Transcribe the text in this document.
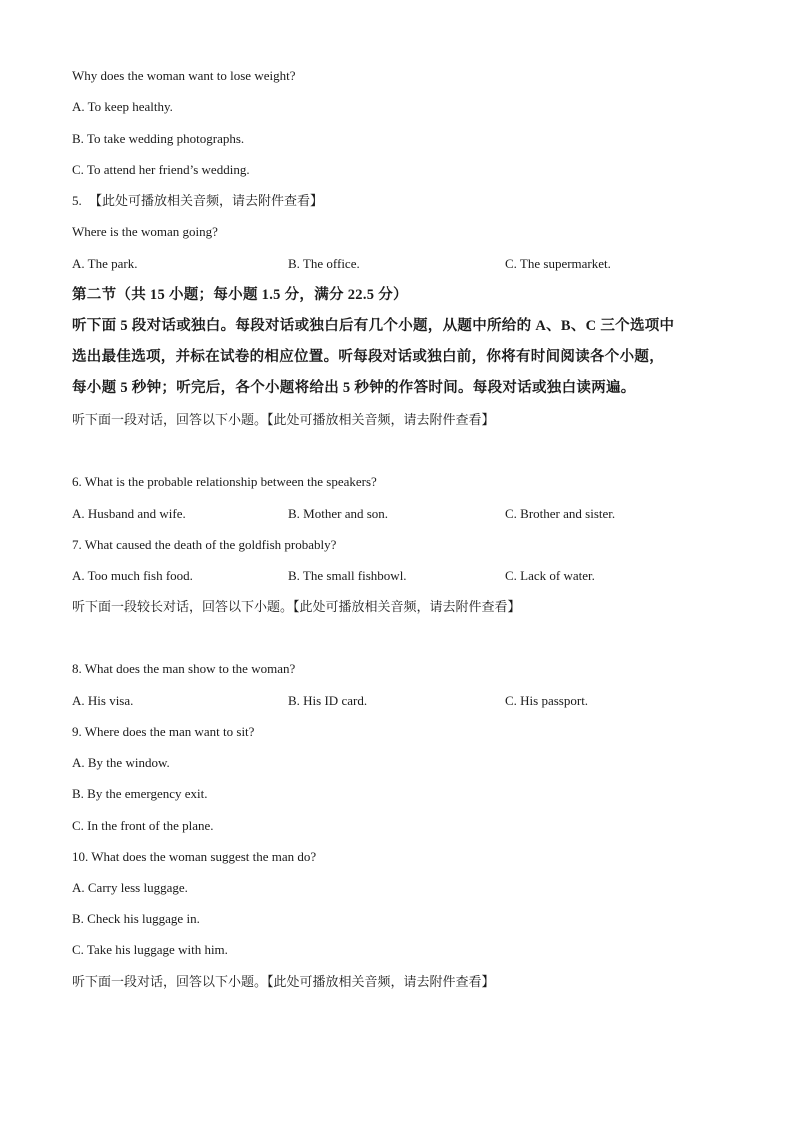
Why does the woman want to lose weight?
A. To keep healthy.
B. To take wedding photographs.
C. To attend her friend’s wedding.
5. 【此处可播放相关音频，请去附件查看】
Where is the woman going?
A. The park.	B. The office.	C. The supermarket.
第二节（共 15 小题；每小题 1.5 分，满分 22.5 分）
听下面 5 段对话或独白。每段对话或独白后有几个小题，从题中所给的 A、B、C 三个选项中
选出最佳选项，并标在试卷的相应位置。听每段对话或独白前，你将有时间阅读各个小题，
每小题 5 秒钟；听完后，各个小题将给出 5 秒钟的作答时间。每段对话或独白读两遍。
听下面一段对话，回答以下小题。【此处可播放相关音频，请去附件查看】
6. What is the probable relationship between the speakers?
A. Husband and wife.	B. Mother and son.	C. Brother and sister.
7. What caused the death of the goldfish probably?
A. Too much fish food.	B. The small fishbowl.	C. Lack of water.
听下面一段较长对话，回答以下小题。【此处可播放相关音频，请去附件查看】
8. What does the man show to the woman?
A. His visa.	B. His ID card.	C. His passport.
9. Where does the man want to sit?
A. By the window.
B. By the emergency exit.
C. In the front of the plane.
10. What does the woman suggest the man do?
A. Carry less luggage.
B. Check his luggage in.
C. Take his luggage with him.
听下面一段对话，回答以下小题。【此处可播放相关音频，请去附件查看】
